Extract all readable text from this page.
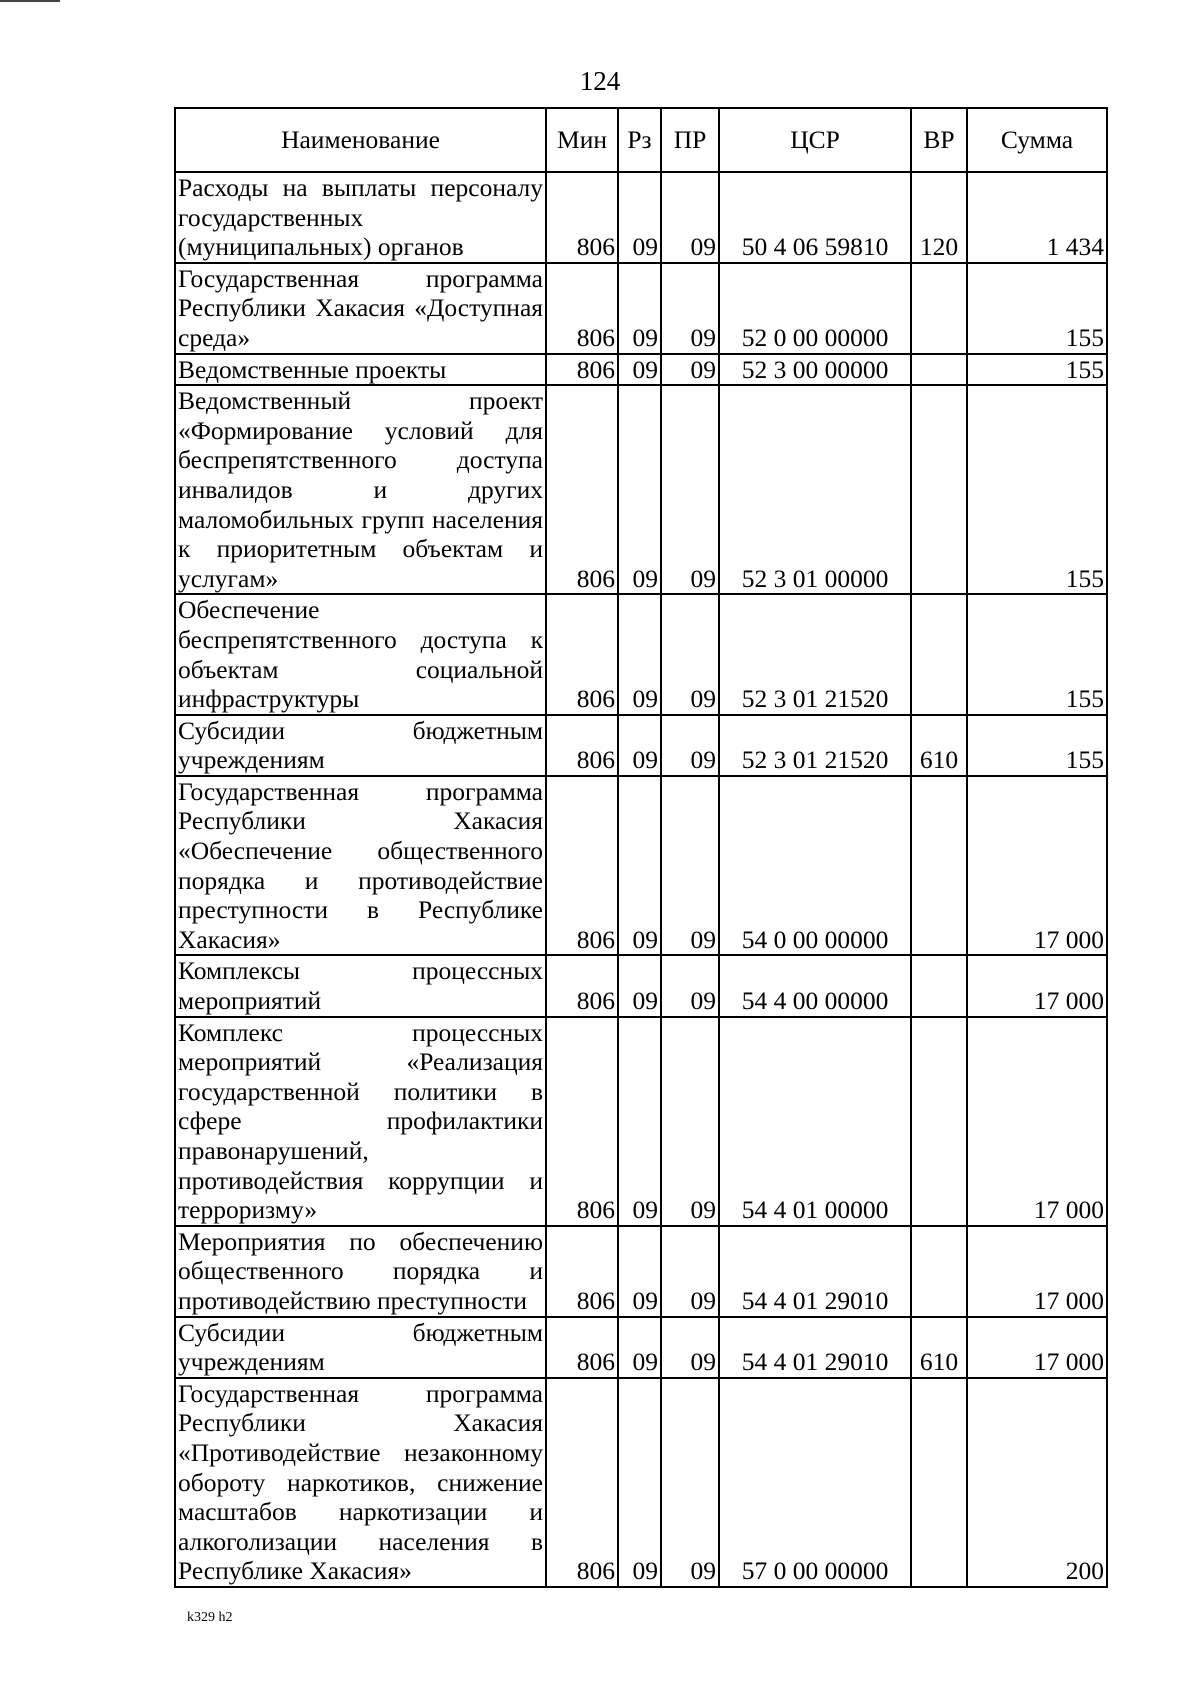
124
Наименование	Мин	Рз	ПР	ЦСР	ВР	Сумма
Расходы на выплаты персоналу государственных (муниципальных) органов	806	09	09	50 4 06 59810	120	1 434
Государственная программа Республики Хакасия «Доступная среда»	806	09	09	52 0 00 00000		155
Ведомственные проекты	806	09	09	52 3 00 00000		155
Ведомственный проект «Формирование условий для беспрепятственного доступа инвалидов и других маломобильных групп населения к приоритетным объектам и услугам»	806	09	09	52 3 01 00000		155
Обеспечение беспрепятственного доступа к объектам социальной инфраструктуры	806	09	09	52 3 01 21520		155
Субсидии бюджетным учреждениям	806	09	09	52 3 01 21520	610	155
Государственная программа Республики Хакасия «Обеспечение общественного порядка и противодействие преступности в Республике Хакасия»	806	09	09	54 0 00 00000		17 000
Комплексы процессных мероприятий	806	09	09	54 4 00 00000		17 000
Комплекс процессных мероприятий «Реализация государственной политики в сфере профилактики правонарушений, противодействия коррупции и терроризму»	806	09	09	54 4 01 00000		17 000
Мероприятия по обеспечению общественного порядка и противодействию преступности	806	09	09	54 4 01 29010		17 000
Субсидии бюджетным учреждениям	806	09	09	54 4 01 29010	610	17 000
Государственная программа Республики Хакасия «Противодействие незаконному обороту наркотиков, снижение масштабов наркотизации и алкоголизации населения в Республике Хакасия»	806	09	09	57 0 00 00000		200
k329 h2
